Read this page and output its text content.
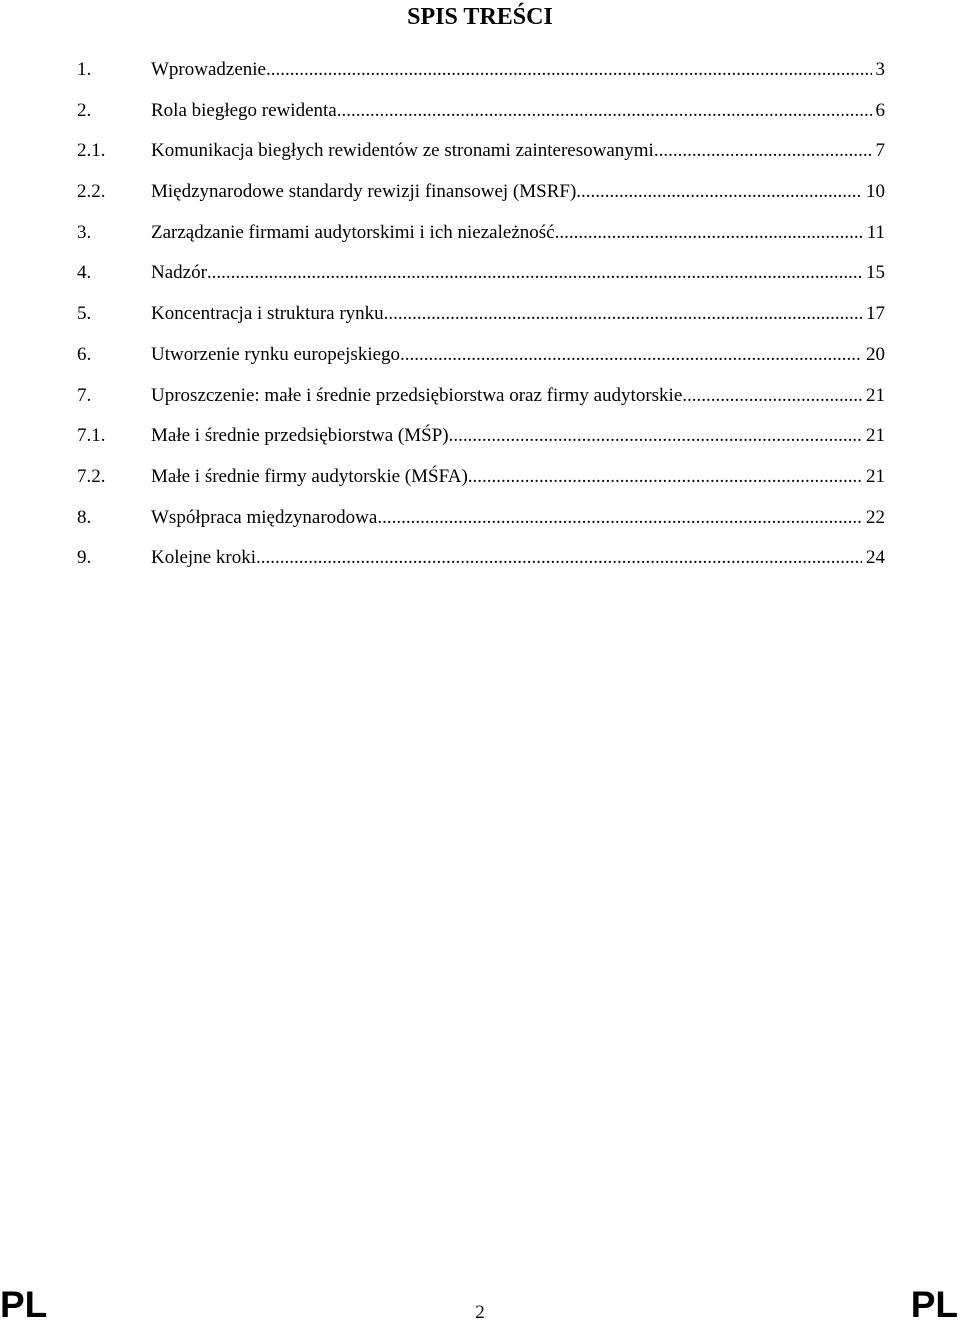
SPIS TREŚCI
1.	Wprowadzenie .....	3
2.	Rola biegłego rewidenta .....	6
2.1.	Komunikacja biegłych rewidentów ze stronami zainteresowanymi .....	7
2.2.	Międzynarodowe standardy rewizji finansowej (MSRF) .....	10
3.	Zarządzanie firmami audytorskimi i ich niezależność .....	11
4.	Nadzór .....	15
5.	Koncentracja i struktura rynku .....	17
6.	Utworzenie rynku europejskiego .....	20
7.	Uproszczenie: małe i średnie przedsiębiorstwa oraz firmy audytorskie .....	21
7.1.	Małe i średnie przedsiębiorstwa (MŚP) .....	21
7.2.	Małe i średnie firmy audytorskie (MŚFA) .....	21
8.	Współpraca międzynarodowa .....	22
9.	Kolejne kroki .....	24
PL	2	PL
